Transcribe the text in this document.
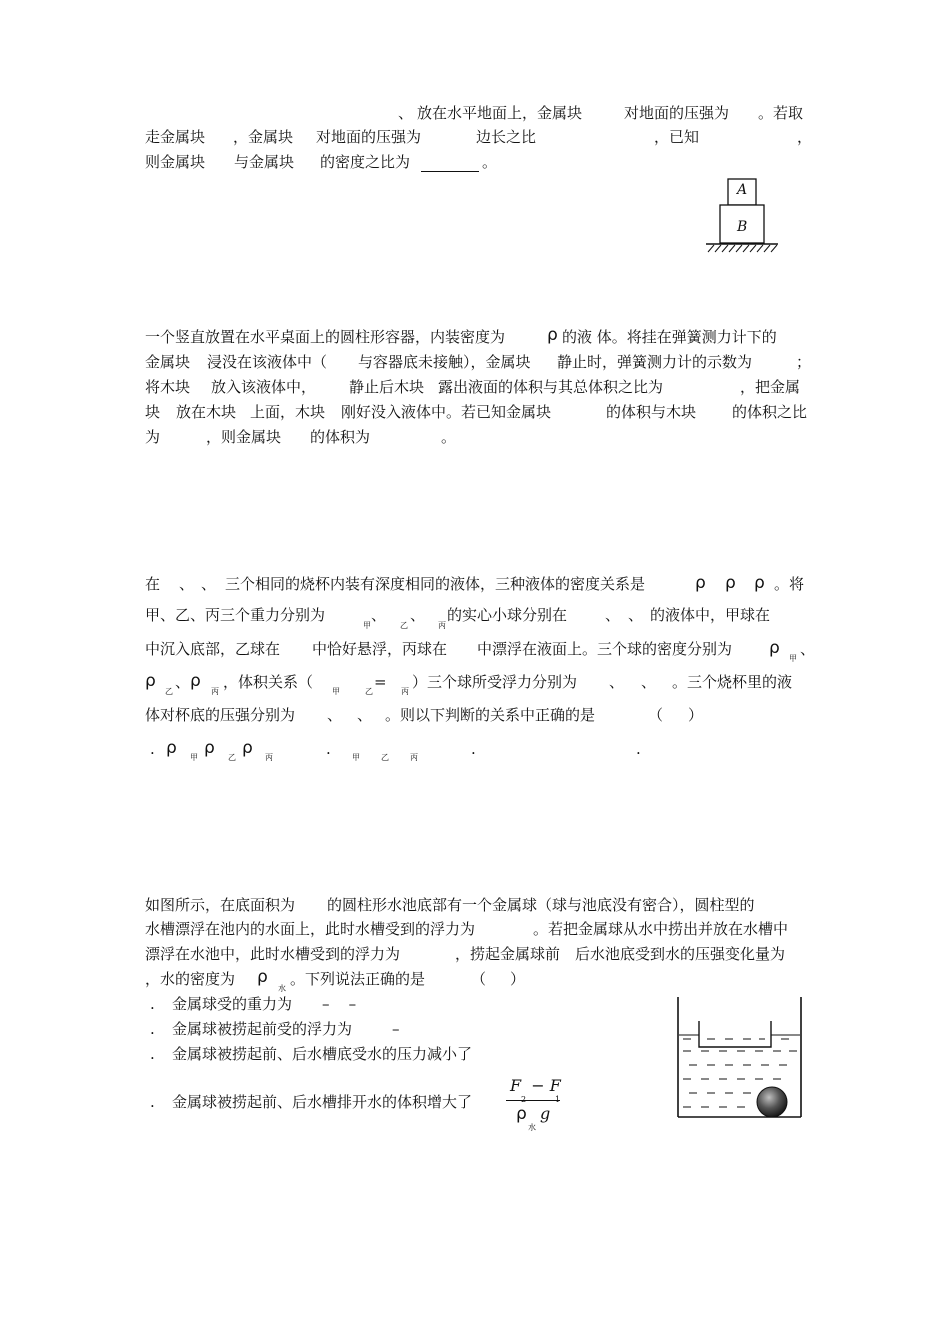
、 放在水平地面上，金属块	对地面的压强为 。若取
走金属块 ，金属块 对地面的压强为	边长之比	，已知	，
则金属块 与金属块 的密度之比为	。
A
B
一个竖直放置在水平桌面上的圆柱形容器，内装密度为 ρ 的液 体。将挂在弹簧测力计下的
金属块 浸没在该液体中（ 与容器底未接触），金属块 静止时，弹簧测力计的示数为	；
将木块 放入该液体中， 静止后木块 露出液面的体积与其总体积之比为	，把金属
块 放在木块 上面，木块 刚好没入液体中。若已知金属块	的体积与木块 的体积之比
为	，则金属块 的体积为	。
在 、 、 三个相同的烧杯内装有深度相同的液体，三种液体的密度关系是	ρ ρ ρ 。将
甲、乙、丙三个重力分别为
甲
、
乙
、
丙
的实心小球分别在	、 、 的液体中，甲球在
中沉入底部，乙球在 中恰好悬浮，丙球在 中漂浮在液面上。三个球的密度分别为 ρ
甲
、
ρ
乙
、 ρ
丙
，体积关系（
甲	乙
=
丙
）三个球所受浮力分别为 、 、 。三个烧杯里的液
体对杯底的压强分别为 、 、 。则以下判断的关系中正确的是	（ ）
. ρ 甲 ρ 乙 ρ 丙	.	甲	乙	丙	.	.
如图所示，在底面积为 的圆柱形水池底部有一个金属球（球与池底没有密合），圆柱型的
水槽漂浮在池内的水面上，此时水槽受到的浮力为	。若把金属球从水中捞出并放在水槽中
漂浮在水池中，此时水槽受到的浮力为	，捞起金属球前 后水池底受到水的压强变化量为
，水的密度为 ρ
水
。下列说法正确的是	（ ）
. 金属球受的重力为 –    –
. 金属球被捞起前受的浮力为	–
. 金属球被捞起前、后水槽底受水的压力减小了
. 金属球被捞起前、后水槽排开水的体积增大了
F  − F
2	1
ρ
水
g
